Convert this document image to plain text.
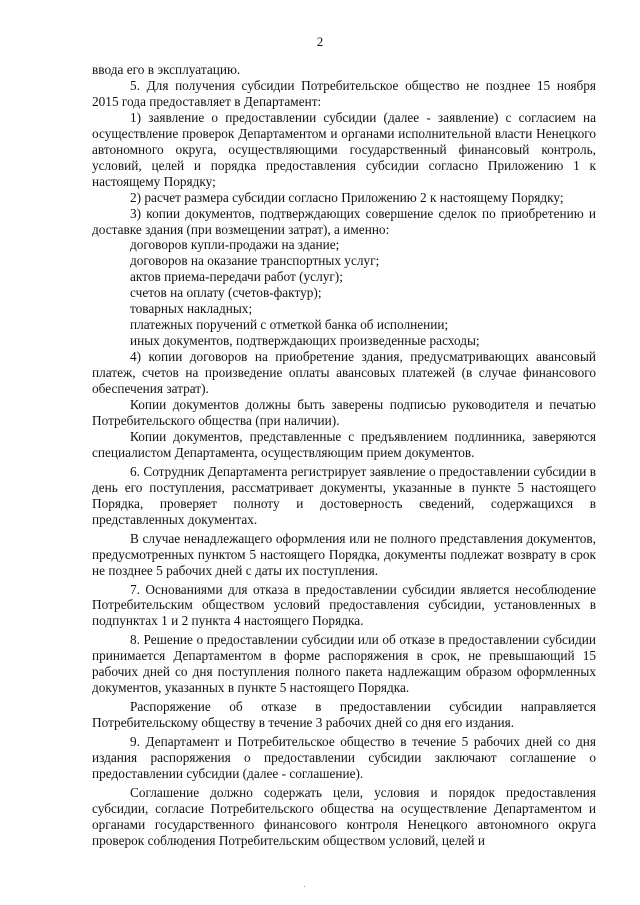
2

ввода его в эксплуатацию.

5. Для получения субсидии Потребительское общество не позднее 15 ноября 2015 года предоставляет в Департамент:

1) заявление о предоставлении субсидии (далее - заявление) с согласием на осуществление проверок Департаментом и органами исполнительной власти Ненецкого автономного округа, осуществляющими государственный финансовый контроль, условий, целей и порядка предоставления субсидии согласно Приложению 1 к настоящему Порядку;

2) расчет размера субсидии согласно Приложению 2 к настоящему Порядку;

3) копии документов, подтверждающих совершение сделок по приобретению и доставке здания (при возмещении затрат), а именно:

договоров купли-продажи на здание;

договоров на оказание транспортных услуг;

актов приема-передачи работ (услуг);

счетов на оплату (счетов-фактур);

товарных накладных;

платежных поручений с отметкой банка об исполнении;

иных документов, подтверждающих произведенные расходы;

4) копии договоров на приобретение здания, предусматривающих авансовый платеж, счетов на произведение оплаты авансовых платежей (в случае финансового обеспечения затрат).

Копии документов должны быть заверены подписью руководителя и печатью Потребительского общества (при наличии).

Копии документов, представленные с предъявлением подлинника, заверяются специалистом Департамента, осуществляющим прием документов.

6. Сотрудник Департамента регистрирует заявление о предоставлении субсидии в день его поступления, рассматривает документы, указанные в пункте 5 настоящего Порядка, проверяет полноту и достоверность сведений, содержащихся в представленных документах.

В случае ненадлежащего оформления или не полного представления документов, предусмотренных пунктом 5 настоящего Порядка, документы подлежат возврату в срок не позднее 5 рабочих дней с даты их поступления.

7. Основаниями для отказа в предоставлении субсидии является несоблюдение Потребительским обществом условий предоставления субсидии, установленных в подпунктах 1 и 2 пункта 4 настоящего Порядка.

8. Решение о предоставлении субсидии или об отказе в предоставлении субсидии принимается Департаментом в форме распоряжения в срок, не превышающий 15 рабочих дней со дня поступления полного пакета надлежащим образом оформленных документов, указанных в пункте 5 настоящего Порядка.

Распоряжение об отказе в предоставлении субсидии направляется Потребительскому обществу в течение 3 рабочих дней со дня его издания.

9. Департамент и Потребительское общество в течение 5 рабочих дней со дня издания распоряжения о предоставлении субсидии заключают соглашение о предоставлении субсидии (далее - соглашение).

Соглашение должно содержать цели, условия и порядок предоставления субсидии, согласие Потребительского общества на осуществление Департаментом и органами государственного финансового контроля Ненецкого автономного округа проверок соблюдения Потребительским обществом условий, целей и
